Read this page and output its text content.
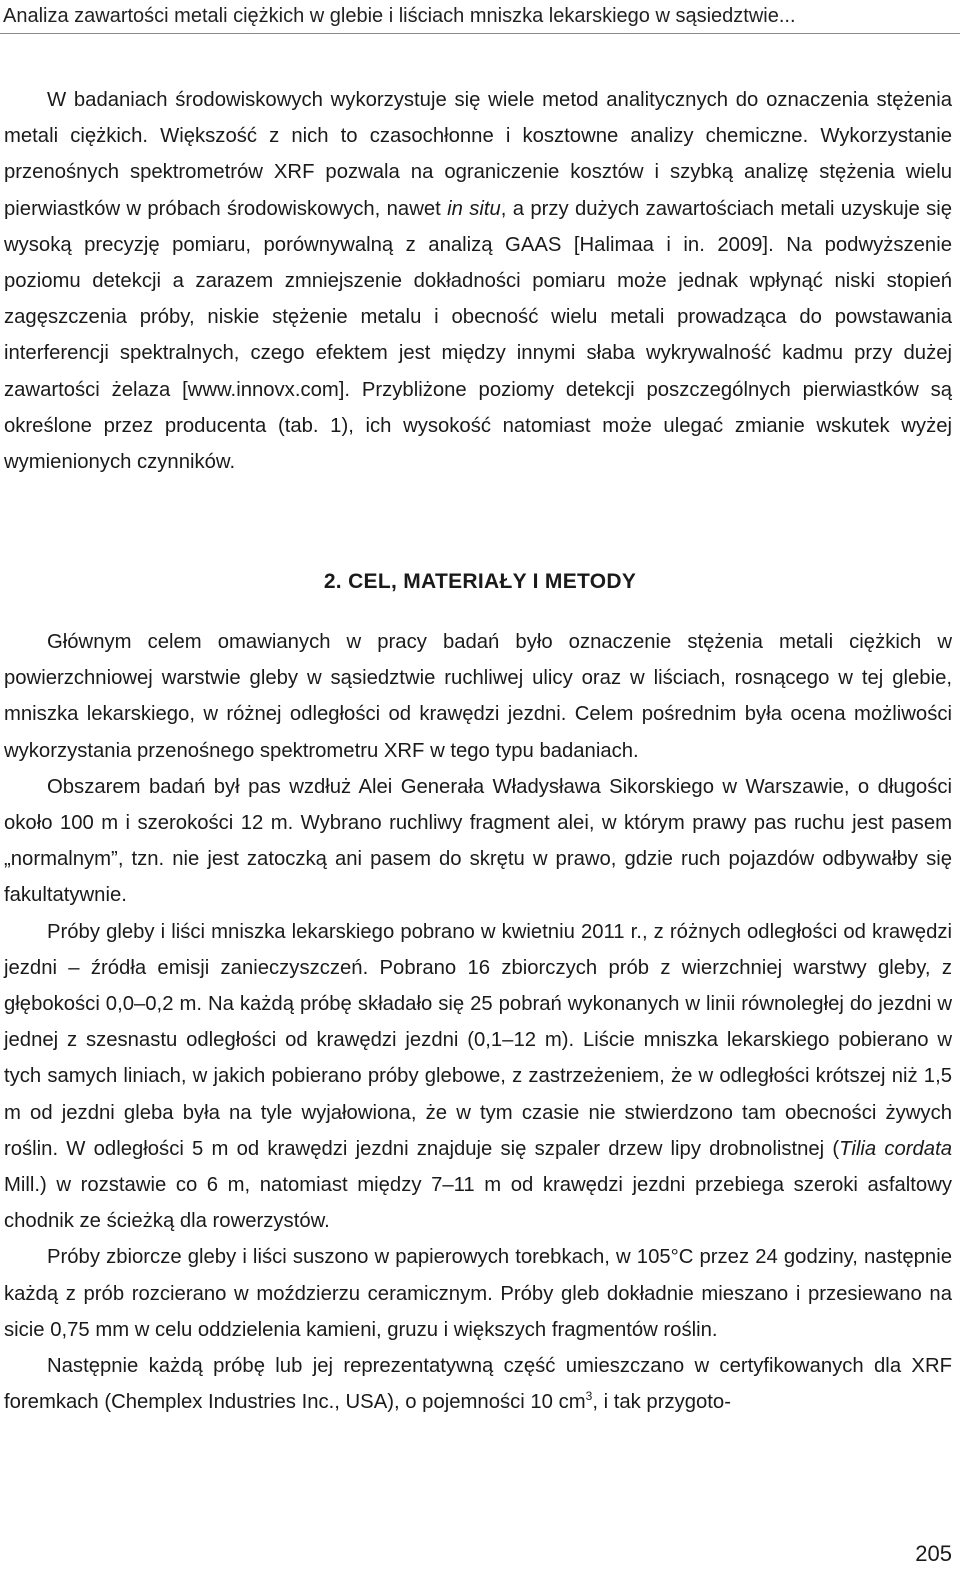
Analiza zawartości metali ciężkich w glebie i liściach mniszka lekarskiego w sąsiedztwie...

W badaniach środowiskowych wykorzystuje się wiele metod analitycznych do oznaczenia stężenia metali ciężkich. Większość z nich to czasochłonne i kosztowne analizy chemiczne. Wykorzystanie przenośnych spektrometrów XRF pozwala na ograniczenie kosztów i szybką analizę stężenia wielu pierwiastków w próbach środowiskowych, nawet in situ, a przy dużych zawartościach metali uzyskuje się wysoką precyzję pomiaru, porównywalną z analizą GAAS [Halimaa i in. 2009]. Na podwyższenie poziomu detekcji a zarazem zmniejszenie dokładności pomiaru może jednak wpłynąć niski stopień zagęszczenia próby, niskie stężenie metalu i obecność wielu metali prowadząca do powstawania interferencji spektralnych, czego efektem jest między innymi słaba wykrywalność kadmu przy dużej zawartości żelaza [www.innovx.com]. Przybliżone poziomy detekcji poszczególnych pierwiastków są określone przez producenta (tab. 1), ich wysokość natomiast może ulegać zmianie wskutek wyżej wymienionych czynników.

2. CEL, MATERIAŁY I METODY

Głównym celem omawianych w pracy badań było oznaczenie stężenia metali ciężkich w powierzchniowej warstwie gleby w sąsiedztwie ruchliwej ulicy oraz w liściach, rosnącego w tej glebie, mniszka lekarskiego, w różnej odległości od krawędzi jezdni. Celem pośrednim była ocena możliwości wykorzystania przenośnego spektrometru XRF w tego typu badaniach.

Obszarem badań był pas wzdłuż Alei Generała Władysława Sikorskiego w Warszawie, o długości około 100 m i szerokości 12 m. Wybrano ruchliwy fragment alei, w którym prawy pas ruchu jest pasem „normalnym”, tzn. nie jest zatoczką ani pasem do skrętu w prawo, gdzie ruch pojazdów odbywałby się fakultatywnie.

Próby gleby i liści mniszka lekarskiego pobrano w kwietniu 2011 r., z różnych odległości od krawędzi jezdni – źródła emisji zanieczyszczeń. Pobrano 16 zbiorczych prób z wierzchniej warstwy gleby, z głębokości 0,0–0,2 m. Na każdą próbę składało się 25 pobrań wykonanych w linii równoległej do jezdni w jednej z szesnastu odległości od krawędzi jezdni (0,1–12 m). Liście mniszka lekarskiego pobierano w tych samych liniach, w jakich pobierano próby glebowe, z zastrzeżeniem, że w odległości krótszej niż 1,5 m od jezdni gleba była na tyle wyjałowiona, że w tym czasie nie stwierdzono tam obecności żywych roślin. W odległości 5 m od krawędzi jezdni znajduje się szpaler drzew lipy drobnolistnej (Tilia cordata Mill.) w rozstawie co 6 m, natomiast między 7–11 m od krawędzi jezdni przebiega szeroki asfaltowy chodnik ze ścieżką dla rowerzystów.

Próby zbiorcze gleby i liści suszono w papierowych torebkach, w 105°C przez 24 godziny, następnie każdą z prób rozcierano w moździerzu ceramicznym. Próby gleb dokładnie mieszano i przesiewano na sicie 0,75 mm w celu oddzielenia kamieni, gruzu i większych fragmentów roślin.

Następnie każdą próbę lub jej reprezentatywną część umieszczano w certyfikowanych dla XRF foremkach (Chemplex Industries Inc., USA), o pojemności 10 $cm^3$, i tak przygoto-

205
